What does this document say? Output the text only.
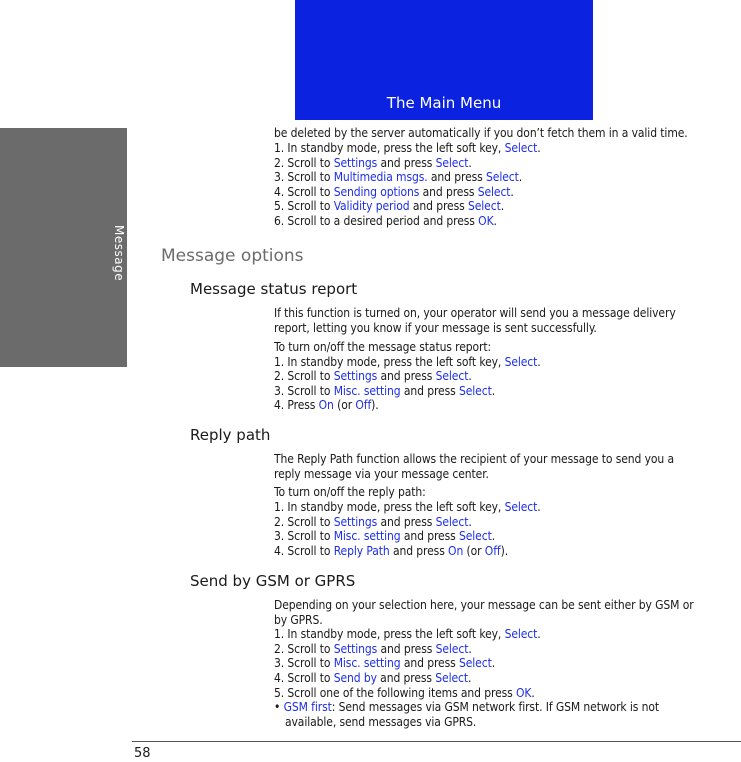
The Main Menu
Message
be deleted by the server automatically if you don’t fetch them in a valid time.
1. In standby mode, press the left soft key, Select.
2. Scroll to Settings and press Select.
3. Scroll to Multimedia msgs. and press Select.
4. Scroll to Sending options and press Select.
5. Scroll to Validity period and press Select.
6. Scroll to a desired period and press OK.
Message options
Message status report
If this function is turned on, your operator will send you a message delivery
report, letting you know if your message is sent successfully.
To turn on/off the message status report:
1. In standby mode, press the left soft key, Select.
2. Scroll to Settings and press Select.
3. Scroll to Misc. setting and press Select.
4. Press On (or Off).
Reply path
The Reply Path function allows the recipient of your message to send you a
reply message via your message center.
To turn on/off the reply path:
1. In standby mode, press the left soft key, Select.
2. Scroll to Settings and press Select.
3. Scroll to Misc. setting and press Select.
4. Scroll to Reply Path and press On (or Off).
Send by GSM or GPRS
Depending on your selection here, your message can be sent either by GSM or
by GPRS.
1. In standby mode, press the left soft key, Select.
2. Scroll to Settings and press Select.
3. Scroll to Misc. setting and press Select.
4. Scroll to Send by and press Select.
5. Scroll one of the following items and press OK.
• GSM first: Send messages via GSM network first. If GSM network is not
available, send messages via GPRS.
58
